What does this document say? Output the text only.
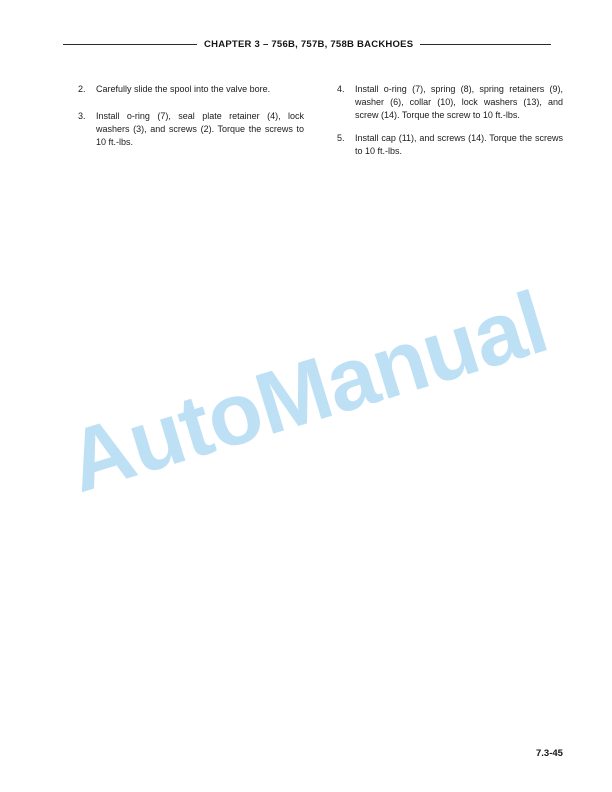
CHAPTER 3 – 756B, 757B, 758B BACKHOES
2.	Carefully slide the spool into the valve bore.
3.	Install o-ring (7), seal plate retainer (4), lock washers (3), and screws (2). Torque the screws to 10 ft.-lbs.
4.	Install o-ring (7), spring (8), spring retainers (9), washer (6), collar (10), lock washers (13), and screw (14). Torque the screw to 10 ft.-lbs.
5.	Install cap (11), and screws (14). Torque the screws to 10 ft.-lbs.
AutoManual
7.3-45
